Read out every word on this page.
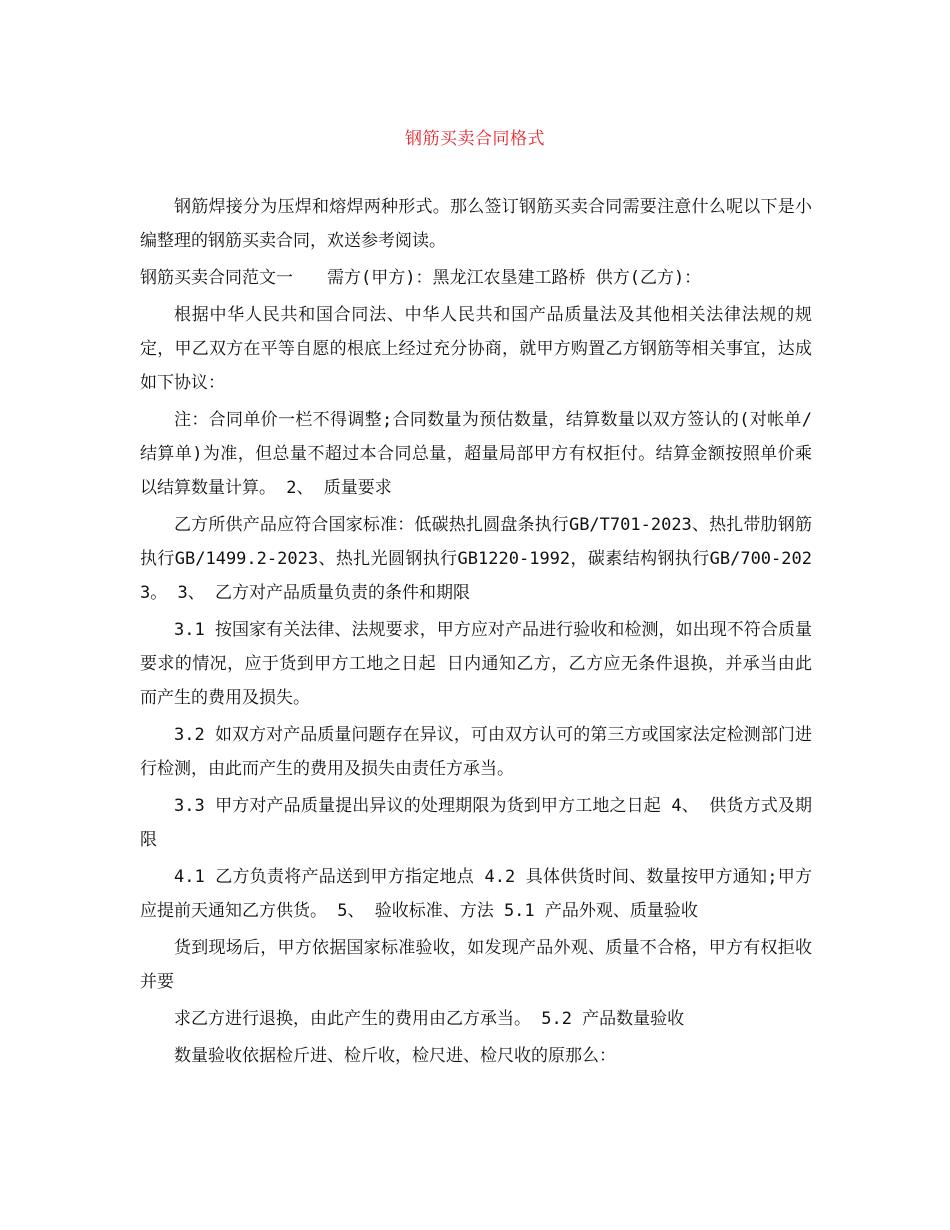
钢筋买卖合同格式

钢筋焊接分为压焊和熔焊两种形式。那么签订钢筋买卖合同需要注意什么呢以下是小编整理的钢筋买卖合同，欢送参考阅读。

钢筋买卖合同范文一 需方(甲方)：黑龙江农垦建工路桥 供方(乙方)：

根据中华人民共和国合同法、中华人民共和国产品质量法及其他相关法律法规的规定，甲乙双方在平等自愿的根底上经过充分协商，就甲方购置乙方钢筋等相关事宜，达成如下协议：

注：合同单价一栏不得调整;合同数量为预估数量，结算数量以双方签认的(对帐单/结算单)为准，但总量不超过本合同总量，超量局部甲方有权拒付。结算金额按照单价乘以结算数量计算。 2、 质量要求

乙方所供产品应符合国家标准：低碳热扎圆盘条执行GB/T701-2023、热扎带肋钢筋执行GB/1499.2-2023、热扎光圆钢执行GB1220-1992，碳素结构钢执行GB/700-2023。 3、 乙方对产品质量负责的条件和期限

3.1 按国家有关法律、法规要求，甲方应对产品进行验收和检测，如出现不符合质量要求的情况，应于货到甲方工地之日起 日内通知乙方，乙方应无条件退换，并承当由此而产生的费用及损失。

3.2 如双方对产品质量问题存在异议，可由双方认可的第三方或国家法定检测部门进行检测，由此而产生的费用及损失由责任方承当。

3.3 甲方对产品质量提出异议的处理期限为货到甲方工地之日起 4、 供货方式及期限

4.1 乙方负责将产品送到甲方指定地点 4.2 具体供货时间、数量按甲方通知;甲方应提前天通知乙方供货。 5、 验收标准、方法 5.1 产品外观、质量验收

货到现场后，甲方依据国家标准验收，如发现产品外观、质量不合格，甲方有权拒收并要

求乙方进行退换，由此产生的费用由乙方承当。 5.2 产品数量验收

数量验收依据检斤进、检斤收，检尺进、检尺收的原那么：
